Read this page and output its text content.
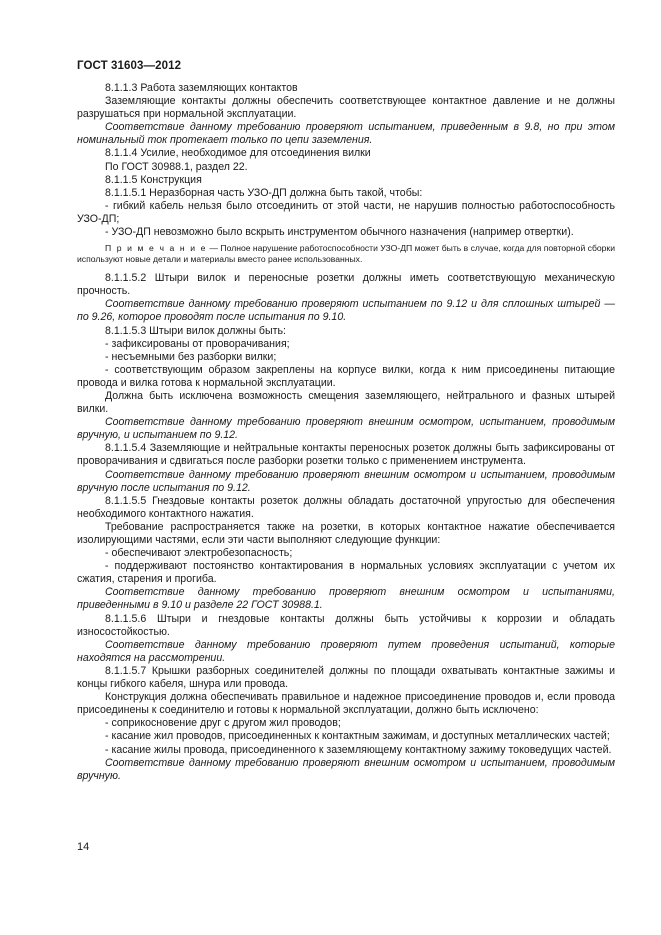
ГОСТ 31603—2012

8.1.1.3 Работа заземляющих контактов

Заземляющие контакты должны обеспечить соответствующее контактное давление и не должны разрушаться при нормальной эксплуатации.

Соответствие данному требованию проверяют испытанием, приведенным в 9.8, но при этом номинальный ток протекает только по цепи заземления.

8.1.1.4 Усилие, необходимое для отсоединения вилки

По ГОСТ 30988.1, раздел 22.

8.1.1.5 Конструкция

8.1.1.5.1 Неразборная часть УЗО-ДП должна быть такой, чтобы:

- гибкий кабель нельзя было отсоединить от этой части, не нарушив полностью работоспособность УЗО-ДП;

- УЗО-ДП невозможно было вскрыть инструментом обычного назначения (например отвертки).

П р и м е ч а н и е — Полное нарушение работоспособности УЗО-ДП может быть в случае, когда для повторной сборки используют новые детали и материалы вместо ранее использованных.

8.1.1.5.2 Штыри вилок и переносные розетки должны иметь соответствующую механическую прочность.

Соответствие данному требованию проверяют испытанием по 9.12 и для сплошных штырей — по 9.26, которое проводят после испытания по 9.10.

8.1.1.5.3 Штыри вилок должны быть:

- зафиксированы от проворачивания;

- несъемными без разборки вилки;

- соответствующим образом закреплены на корпусе вилки, когда к ним присоединены питающие провода и вилка готова к нормальной эксплуатации.

Должна быть исключена возможность смещения заземляющего, нейтрального и фазных штырей вилки.

Соответствие данному требованию проверяют внешним осмотром, испытанием, проводимым вручную, и испытанием по 9.12.

8.1.1.5.4 Заземляющие и нейтральные контакты переносных розеток должны быть зафиксированы от проворачивания и сдвигаться после разборки розетки только с применением инструмента.

Соответствие данному требованию проверяют внешним осмотром и испытанием, проводимым вручную после испытания по 9.12.

8.1.1.5.5 Гнездовые контакты розеток должны обладать достаточной упругостью для обеспечения необходимого контактного нажатия.

Требование распространяется также на розетки, в которых контактное нажатие обеспечивается изолирующими частями, если эти части выполняют следующие функции:

- обеспечивают электробезопасность;

- поддерживают постоянство контактирования в нормальных условиях эксплуатации с учетом их сжатия, старения и прогиба.

Соответствие данному требованию проверяют внешним осмотром и испытаниями, приведенными в 9.10 и разделе 22 ГОСТ 30988.1.

8.1.1.5.6 Штыри и гнездовые контакты должны быть устойчивы к коррозии и обладать износостойкостью.

Соответствие данному требованию проверяют путем проведения испытаний, которые находятся на рассмотрении.

8.1.1.5.7 Крышки разборных соединителей должны по площади охватывать контактные зажимы и концы гибкого кабеля, шнура или провода.

Конструкция должна обеспечивать правильное и надежное присоединение проводов и, если провода присоединены к соединителю и готовы к нормальной эксплуатации, должно быть исключено:

- соприкосновение друг с другом жил проводов;

- касание жил проводов, присоединенных к контактным зажимам, и доступных металлических частей;

- касание жилы провода, присоединенного к заземляющему контактному зажиму токоведущих частей.

Соответствие данному требованию проверяют внешним осмотром и испытанием, проводимым вручную.

14
